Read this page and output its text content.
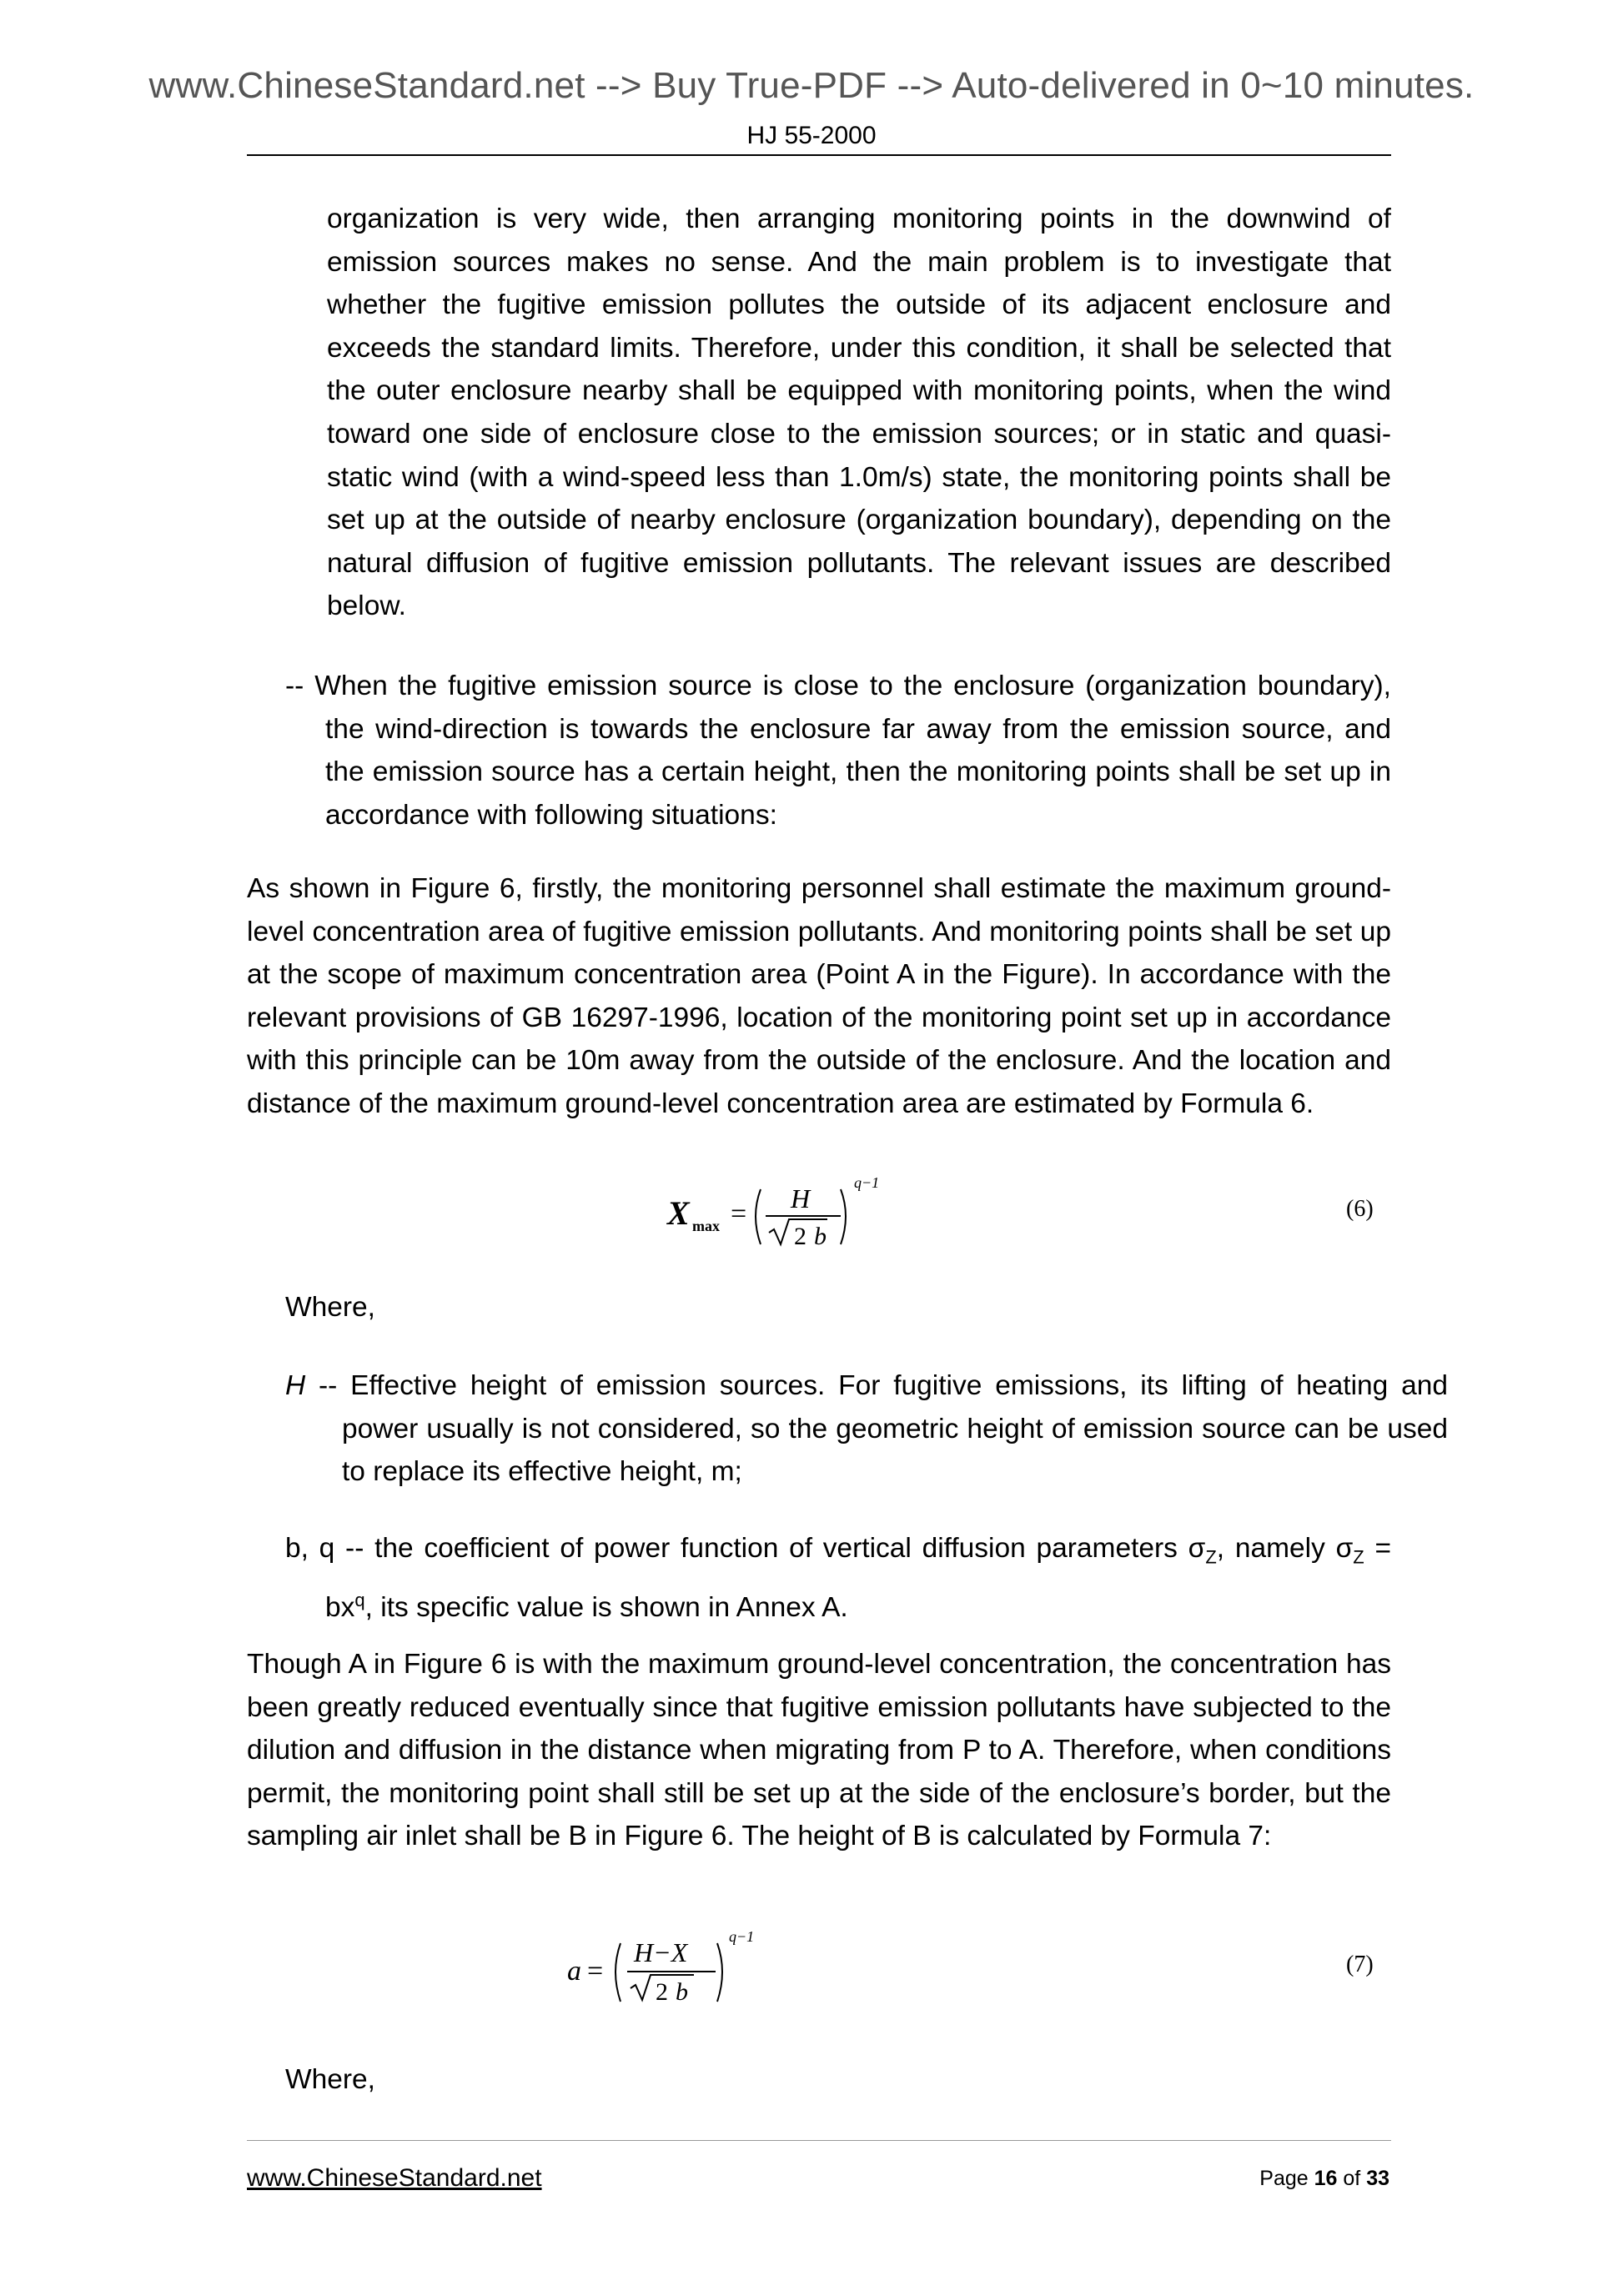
www.ChineseStandard.net --> Buy True-PDF --> Auto-delivered in 0~10 minutes.
HJ 55-2000

organization is very wide, then arranging monitoring points in the downwind of emission sources makes no sense. And the main problem is to investigate that whether the fugitive emission pollutes the outside of its adjacent enclosure and exceeds the standard limits. Therefore, under this condition, it shall be selected that the outer enclosure nearby shall be equipped with monitoring points, when the wind toward one side of enclosure close to the emission sources; or in static and quasi-static wind (with a wind-speed less than 1.0m/s) state, the monitoring points shall be set up at the outside of nearby enclosure (organization boundary), depending on the natural diffusion of fugitive emission pollutants. The relevant issues are described below.

-- When the fugitive emission source is close to the enclosure (organization boundary), the wind-direction is towards the enclosure far away from the emission source, and the emission source has a certain height, then the monitoring points shall be set up in accordance with following situations:

As shown in Figure 6, firstly, the monitoring personnel shall estimate the maximum ground-level concentration area of fugitive emission pollutants. And monitoring points shall be set up at the scope of maximum concentration area (Point A in the Figure). In accordance with the relevant provisions of GB 16297-1996, location of the monitoring point set up in accordance with this principle can be 10m away from the outside of the enclosure. And the location and distance of the maximum ground-level concentration area are estimated by Formula 6.

X max = H
2 b
q−1
(6)
Where,

H -- Effective height of emission sources. For fugitive emissions, its lifting of heating and power usually is not considered, so the geometric height of emission source can be used to replace its effective height, m;

b, q -- the coefficient of power function of vertical diffusion parameters $\sigma_Z$, namely $\sigma_Z = bx^q$, its specific value is shown in Annex A.

Though A in Figure 6 is with the maximum ground-level concentration, the concentration has been greatly reduced eventually since that fugitive emission pollutants have subjected to the dilution and diffusion in the distance when migrating from P to A. Therefore, when conditions permit, the monitoring point shall still be set up at the side of the enclosure’s border, but the sampling air inlet shall be B in Figure 6. The height of B is calculated by Formula 7:

a =
H−X
2 b
q−1
(7)
Where,
www.ChineseStandard.net	Page 16 of 33
